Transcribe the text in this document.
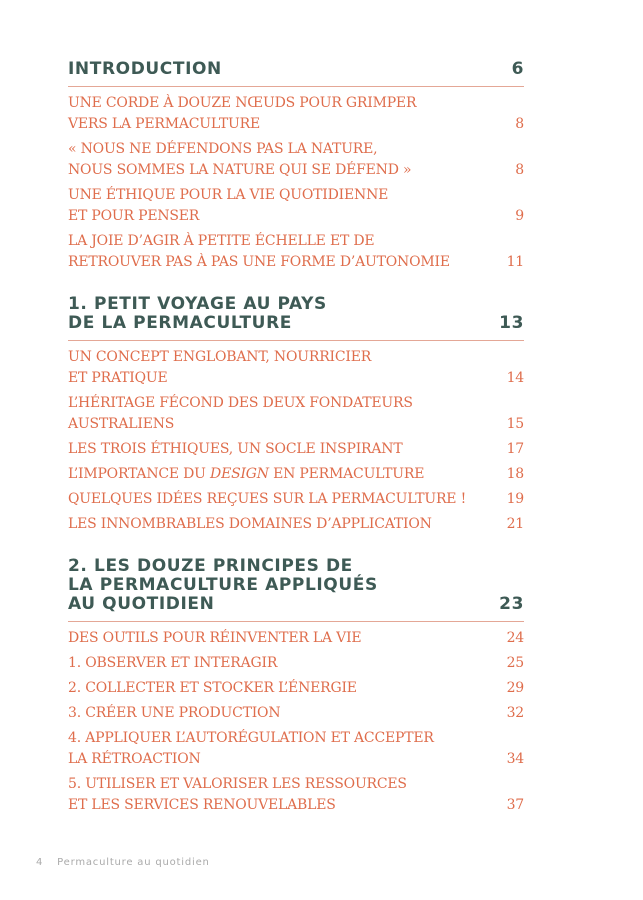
INTRODUCTION	6
UNE CORDE À DOUZE NŒUDS POUR GRIMPER
VERS LA PERMACULTURE	8
« NOUS NE DÉFENDONS PAS LA NATURE,
NOUS SOMMES LA NATURE QUI SE DÉFEND »	8
UNE ÉTHIQUE POUR LA VIE QUOTIDIENNE
ET POUR PENSER	9
LA JOIE D’AGIR À PETITE ÉCHELLE ET DE
RETROUVER PAS À PAS UNE FORME D’AUTONOMIE	11
1. PETIT VOYAGE AU PAYS
DE LA PERMACULTURE	13
UN CONCEPT ENGLOBANT, NOURRICIER
ET PRATIQUE	14
L’HÉRITAGE FÉCOND DES DEUX FONDATEURS
AUSTRALIENS	15
LES TROIS ÉTHIQUES, UN SOCLE INSPIRANT	17
L’IMPORTANCE DU DESIGN EN PERMACULTURE	18
QUELQUES IDÉES REÇUES SUR LA PERMACULTURE !	19
LES INNOMBRABLES DOMAINES D’APPLICATION	21
2. LES DOUZE PRINCIPES DE
LA PERMACULTURE APPLIQUÉS
AU QUOTIDIEN	23
DES OUTILS POUR RÉINVENTER LA VIE	24
1. OBSERVER ET INTERAGIR	25
2. COLLECTER ET STOCKER L’ÉNERGIE	29
3. CRÉER UNE PRODUCTION	32
4. APPLIQUER L’AUTORÉGULATION ET ACCEPTER
LA RÉTROACTION	34
5. UTILISER ET VALORISER LES RESSOURCES
ET LES SERVICES RENOUVELABLES	37
4 Permaculture au quotidien
